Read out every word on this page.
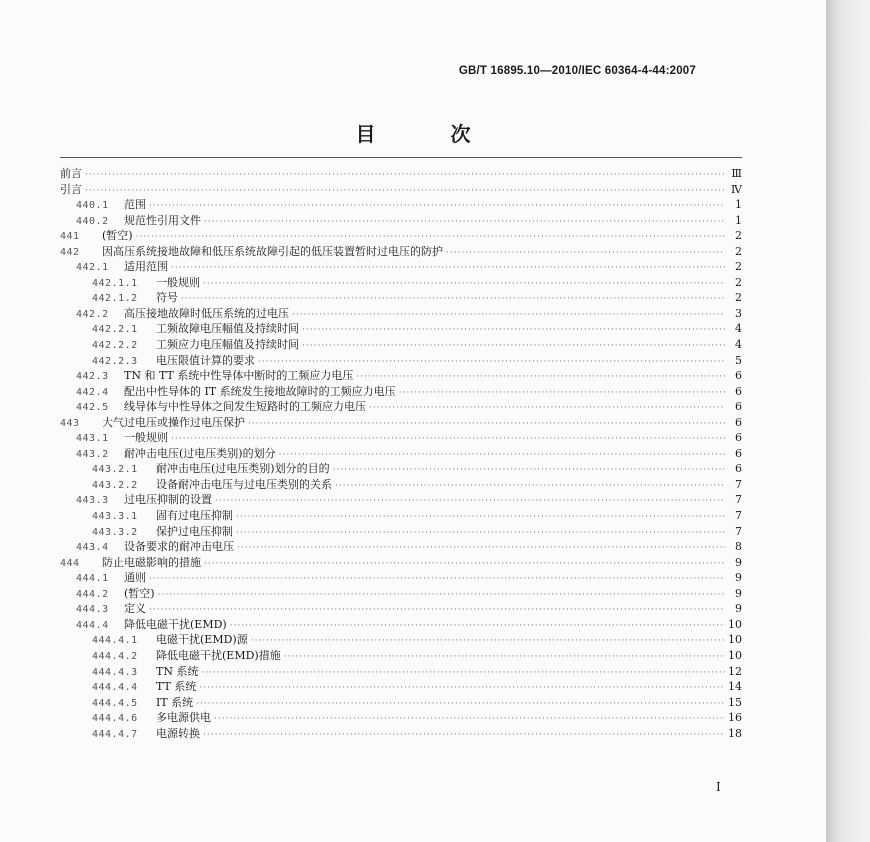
GB/T 16895.10—2010/IEC 60364-4-44:2007
目 次
前言 ·····	Ⅲ
引言 ·····	Ⅳ
440.1	范围 ·····	1
440.2	规范性引用文件 ·····	1
441	(暂空) ·····	2
442	因高压系统接地故障和低压系统故障引起的低压装置暂时过电压的防护 ·····	2
442.1	适用范围 ·····	2
442.1.1	一般规则 ·····	2
442.1.2	符号 ·····	2
442.2	高压接地故障时低压系统的过电压 ·····	3
442.2.1	工频故障电压幅值及持续时间 ·····	4
442.2.2	工频应力电压幅值及持续时间 ·····	4
442.2.3	电压限值计算的要求 ·····	5
442.3	TN 和 TT 系统中性导体中断时的工频应力电压 ·····	6
442.4	配出中性导体的 IT 系统发生接地故障时的工频应力电压 ·····	6
442.5	线导体与中性导体之间发生短路时的工频应力电压 ·····	6
443	大气过电压或操作过电压保护 ·····	6
443.1	一般规则 ·····	6
443.2	耐冲击电压(过电压类别)的划分 ·····	6
443.2.1	耐冲击电压(过电压类别)划分的目的 ·····	6
443.2.2	设备耐冲击电压与过电压类别的关系 ·····	7
443.3	过电压抑制的设置 ·····	7
443.3.1	固有过电压抑制 ·····	7
443.3.2	保护过电压抑制 ·····	7
443.4	设备要求的耐冲击电压 ·····	8
444	防止电磁影响的措施 ·····	9
444.1	通则 ·····	9
444.2	(暂空) ·····	9
444.3	定义 ·····	9
444.4	降低电磁干扰(EMD) ·····	10
444.4.1	电磁干扰(EMD)源 ·····	10
444.4.2	降低电磁干扰(EMD)措施 ·····	10
444.4.3	TN 系统 ·····	12
444.4.4	TT 系统 ·····	14
444.4.5	IT 系统 ·····	15
444.4.6	多电源供电 ·····	16
444.4.7	电源转换 ·····	18
I
